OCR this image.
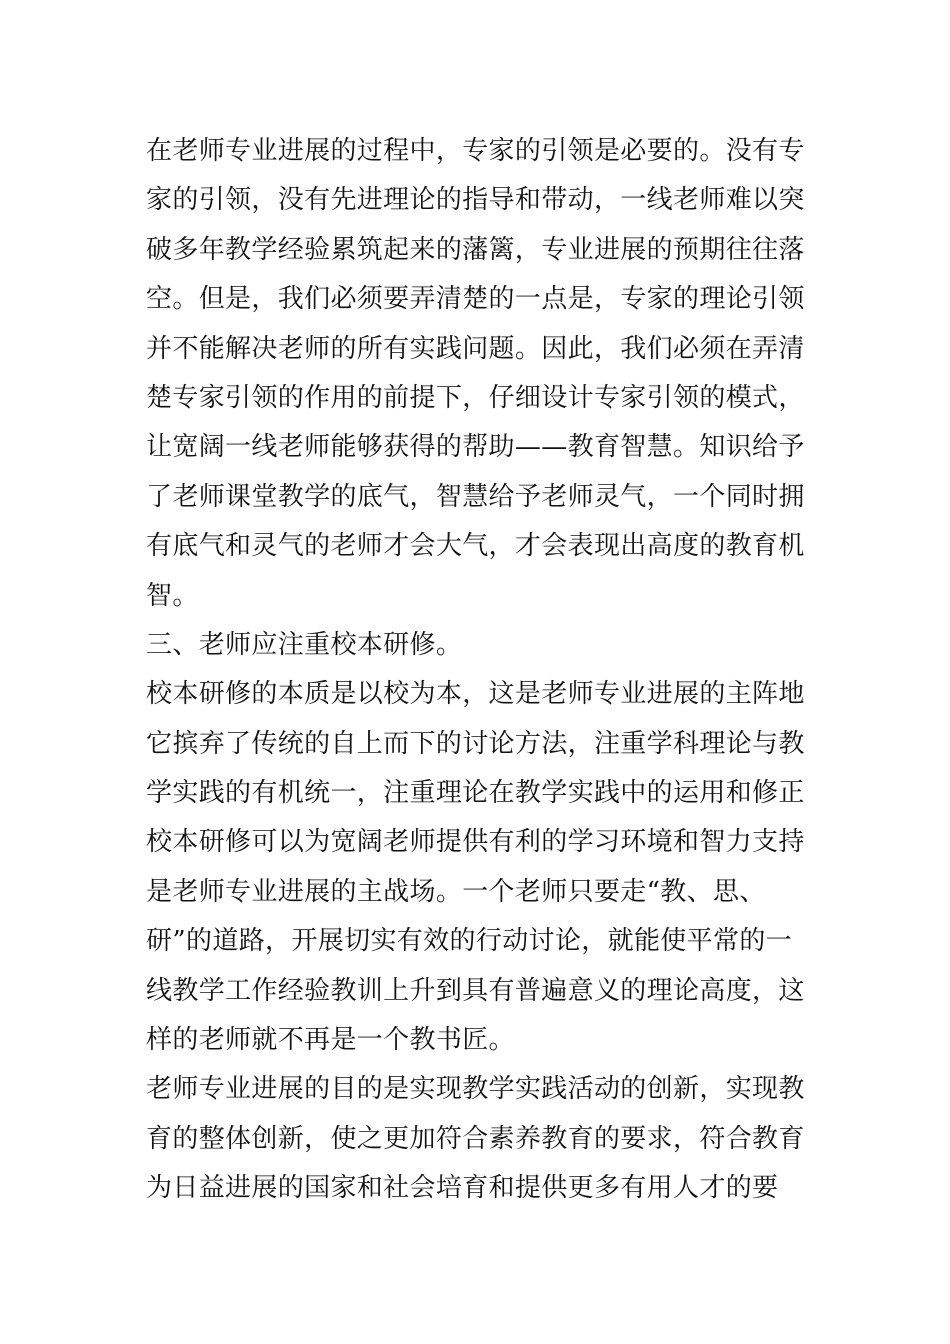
在老师专业进展的过程中，专家的引领是必要的。没有专
家的引领，没有先进理论的指导和带动，一线老师难以突
破多年教学经验累筑起来的藩篱，专业进展的预期往往落
空。但是，我们必须要弄清楚的一点是，专家的理论引领
并不能解决老师的所有实践问题。因此，我们必须在弄清
楚专家引领的作用的前提下，仔细设计专家引领的模式，
让宽阔一线老师能够获得的帮助——教育智慧。知识给予
了老师课堂教学的底气，智慧给予老师灵气，一个同时拥
有底气和灵气的老师才会大气，才会表现出高度的教育机
智。
三、老师应注重校本研修。
校本研修的本质是以校为本，这是老师专业进展的主阵地
它摈弃了传统的自上而下的讨论方法，注重学科理论与教
学实践的有机统一，注重理论在教学实践中的运用和修正
校本研修可以为宽阔老师提供有利的学习环境和智力支持
是老师专业进展的主战场。一个老师只要走“教、思、
研”的道路，开展切实有效的行动讨论，就能使平常的一
线教学工作经验教训上升到具有普遍意义的理论高度，这
样的老师就不再是一个教书匠。
老师专业进展的目的是实现教学实践活动的创新，实现教
育的整体创新，使之更加符合素养教育的要求，符合教育
为日益进展的国家和社会培育和提供更多有用人才的要
